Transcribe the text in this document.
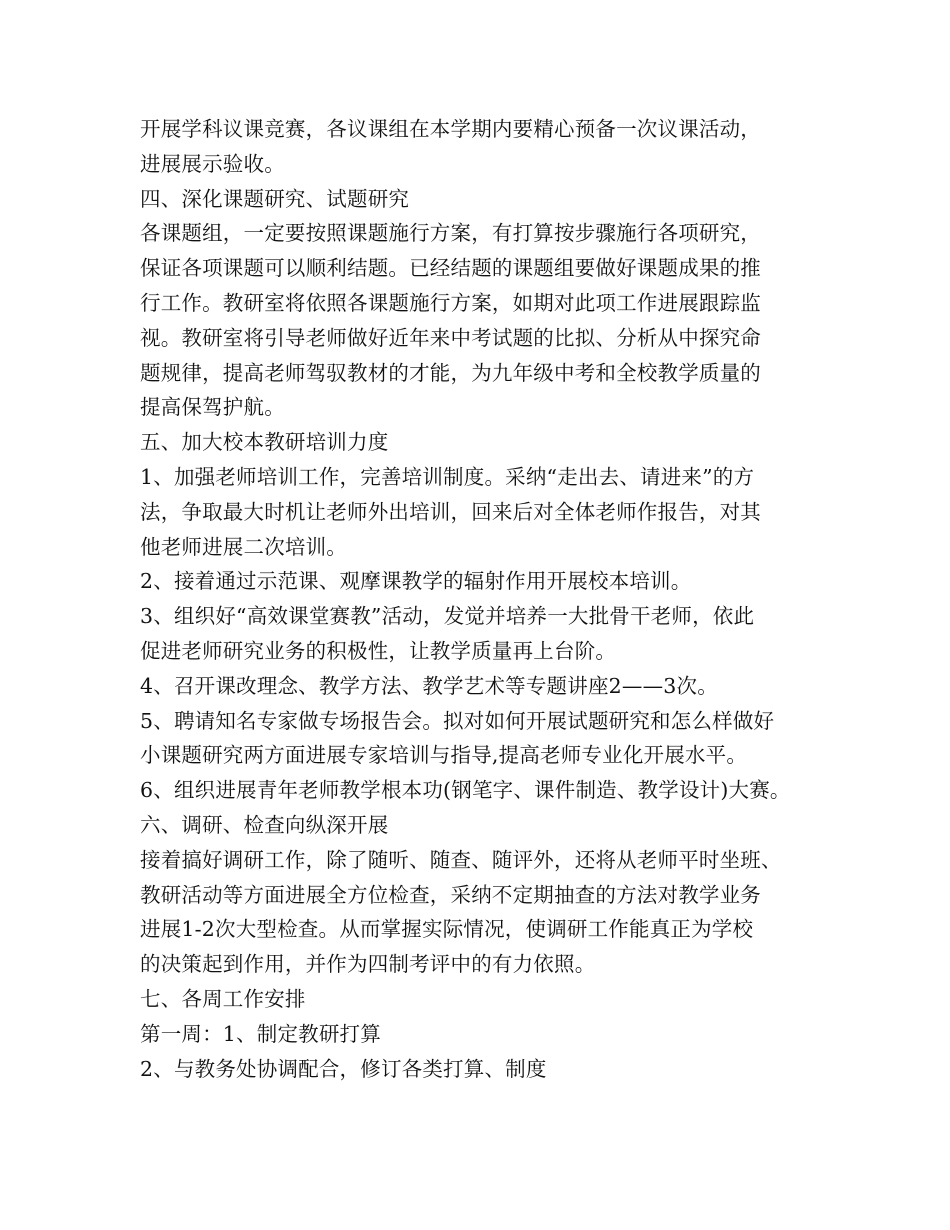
开展学科议课竞赛，各议课组在本学期内要精心预备一次议课活动，
进展展示验收。
四、深化课题研究、试题研究
各课题组，一定要按照课题施行方案，有打算按步骤施行各项研究，
保证各项课题可以顺利结题。已经结题的课题组要做好课题成果的推
行工作。教研室将依照各课题施行方案，如期对此项工作进展跟踪监
视。教研室将引导老师做好近年来中考试题的比拟、分析从中探究命
题规律，提高老师驾驭教材的才能，为九年级中考和全校教学质量的
提高保驾护航。
五、加大校本教研培训力度
1、加强老师培训工作，完善培训制度。采纳“走出去、请进来”的方
法，争取最大时机让老师外出培训，回来后对全体老师作报告，对其
他老师进展二次培训。
2、接着通过示范课、观摩课教学的辐射作用开展校本培训。
3、组织好“高效课堂赛教”活动，发觉并培养一大批骨干老师，依此
促进老师研究业务的积极性，让教学质量再上台阶。
4、召开课改理念、教学方法、教学艺术等专题讲座2——3次。
5、聘请知名专家做专场报告会。拟对如何开展试题研究和怎么样做好
小课题研究两方面进展专家培训与指导,提高老师专业化开展水平。
6、组织进展青年老师教学根本功(钢笔字、课件制造、教学设计)大赛。
六、调研、检查向纵深开展
接着搞好调研工作，除了随听、随查、随评外，还将从老师平时坐班、
教研活动等方面进展全方位检查，采纳不定期抽查的方法对教学业务
进展1-2次大型检查。从而掌握实际情况，使调研工作能真正为学校
的决策起到作用，并作为四制考评中的有力依照。
七、各周工作安排
第一周：1、制定教研打算
2、与教务处协调配合，修订各类打算、制度
